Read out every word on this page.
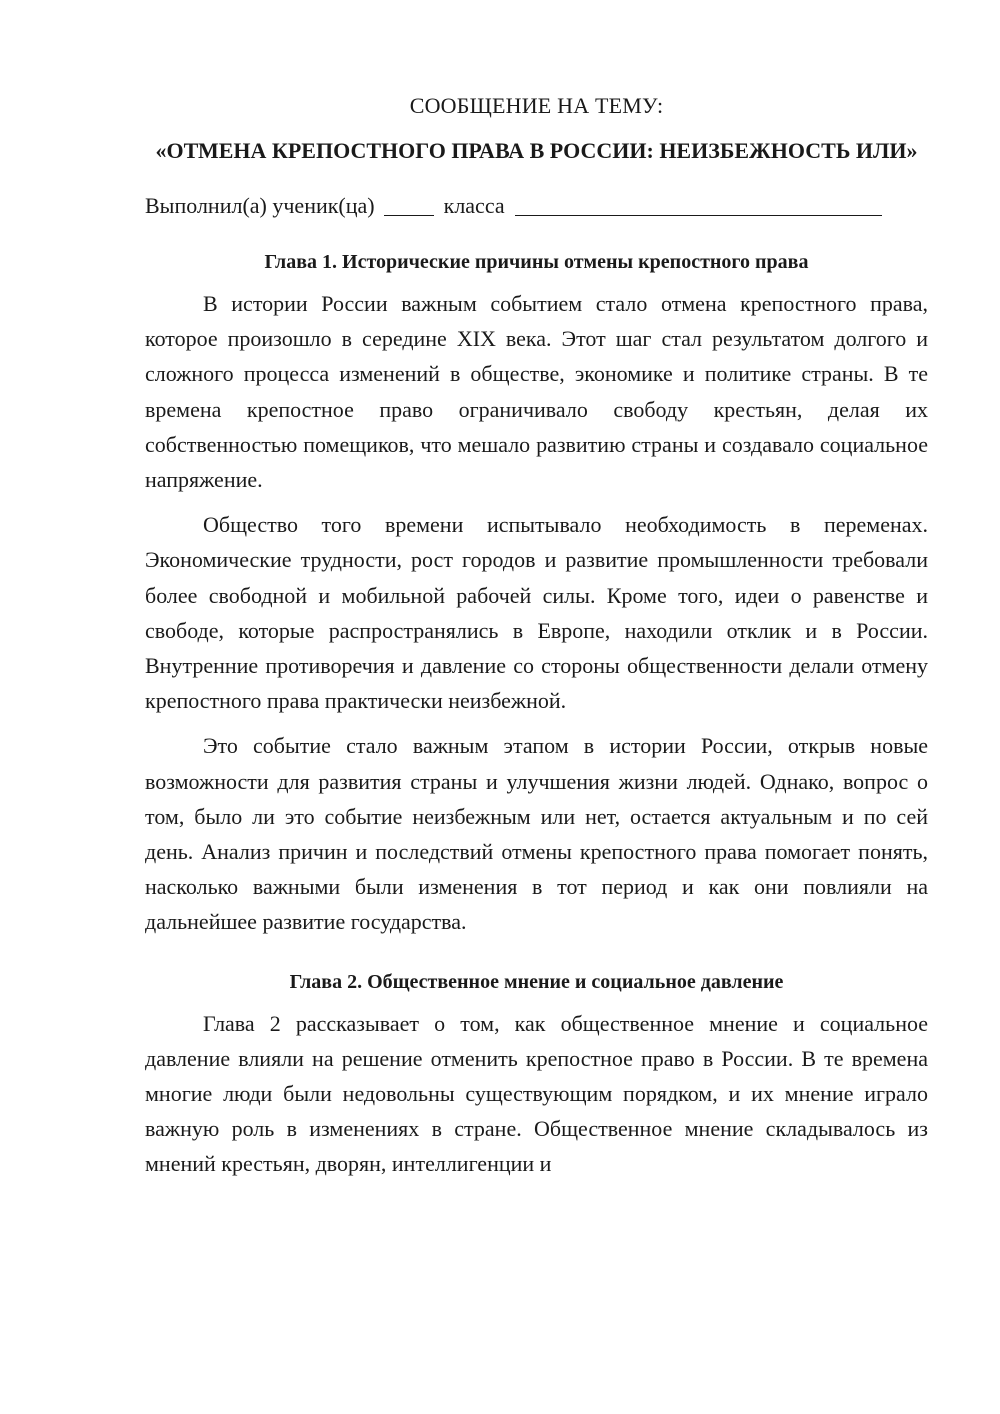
СООБЩЕНИЕ НА ТЕМУ:

«ОТМЕНА КРЕПОСТНОГО ПРАВА В РОССИИ: НЕИЗБЕЖНОСТЬ ИЛИ»

Выполнил(а) ученик(ца)	класса

Глава 1. Исторические причины отмены крепостного права

В истории России важным событием стало отмена крепостного права, которое произошло в середине XIX века. Этот шаг стал результатом долгого и сложного процесса изменений в обществе, экономике и политике страны. В те времена крепостное право ограничивало свободу крестьян, делая их собственностью помещиков, что мешало развитию страны и создавало социальное напряжение.

Общество того времени испытывало необходимость в переменах. Экономические трудности, рост городов и развитие промышленности требовали более свободной и мобильной рабочей силы. Кроме того, идеи о равенстве и свободе, которые распространялись в Европе, находили отклик и в России. Внутренние противоречия и давление со стороны общественности делали отмену крепостного права практически неизбежной.

Это событие стало важным этапом в истории России, открыв новые возможности для развития страны и улучшения жизни людей. Однако, вопрос о том, было ли это событие неизбежным или нет, остается актуальным и по сей день. Анализ причин и последствий отмены крепостного права помогает понять, насколько важными были изменения в тот период и как они повлияли на дальнейшее развитие государства.

Глава 2. Общественное мнение и социальное давление

Глава 2 рассказывает о том, как общественное мнение и социальное давление влияли на решение отменить крепостное право в России. В те времена многие люди были недовольны существующим порядком, и их мнение играло важную роль в изменениях в стране. Общественное мнение складывалось из мнений крестьян, дворян, интеллигенции и
